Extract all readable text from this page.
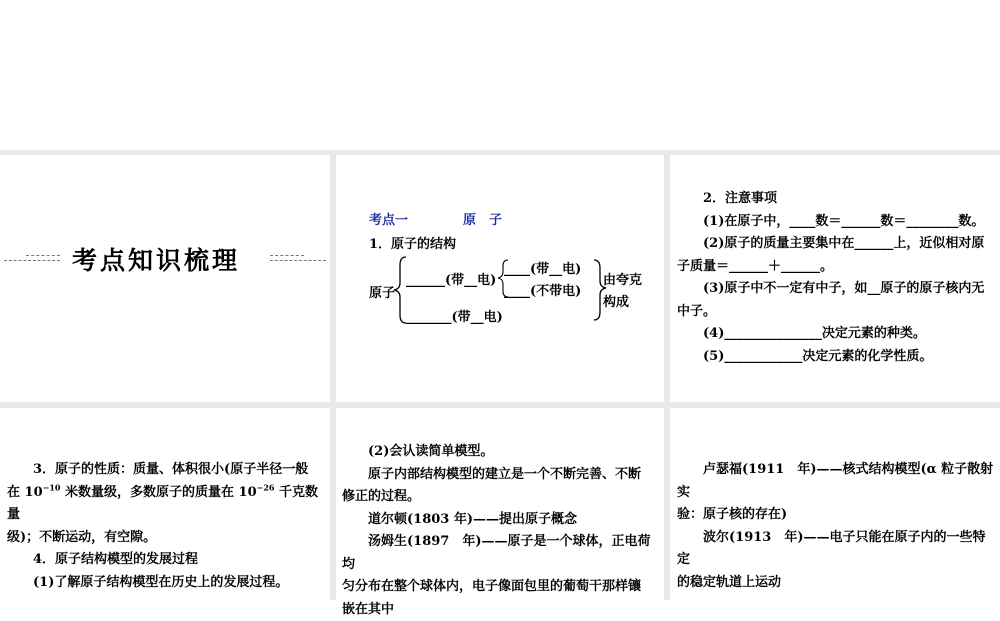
考点知识梳理
考点一	原　子
1．原子的结构
原子
______(带__电)
____(带__电)
____(不带电)
_______(带__电)
由夸克
构成
2．注意事项
(1)在原子中，____数＝______数＝________数。
(2)原子的质量主要集中在______上，近似相对原
子质量＝______＋______。
(3)原子中不一定有中子，如__原子的原子核内无
中子。
(4)_______________决定元素的种类。
(5)____________决定元素的化学性质。
3．原子的性质：质量、体积很小(原子半径一般
在 $10^{-10}$ 米数量级，多数原子的质量在 $10^{-26}$ 千克数量
级)；不断运动，有空隙。
4．原子结构模型的发展过程
(1)了解原子结构模型在历史上的发展过程。
(2)会认读简单模型。
原子内部结构模型的建立是一个不断完善、不断
修正的过程。
道尔顿(1803 年)——提出原子概念
汤姆生(1897　年)——原子是一个球体，正电荷均
匀分布在整个球体内，电子像面包里的葡萄干那样镶
嵌在其中
卢瑟福(1911　年)——核式结构模型(α 粒子散射实
验：原子核的存在)
波尔(1913　年)——电子只能在原子内的一些特定
的稳定轨道上运动
